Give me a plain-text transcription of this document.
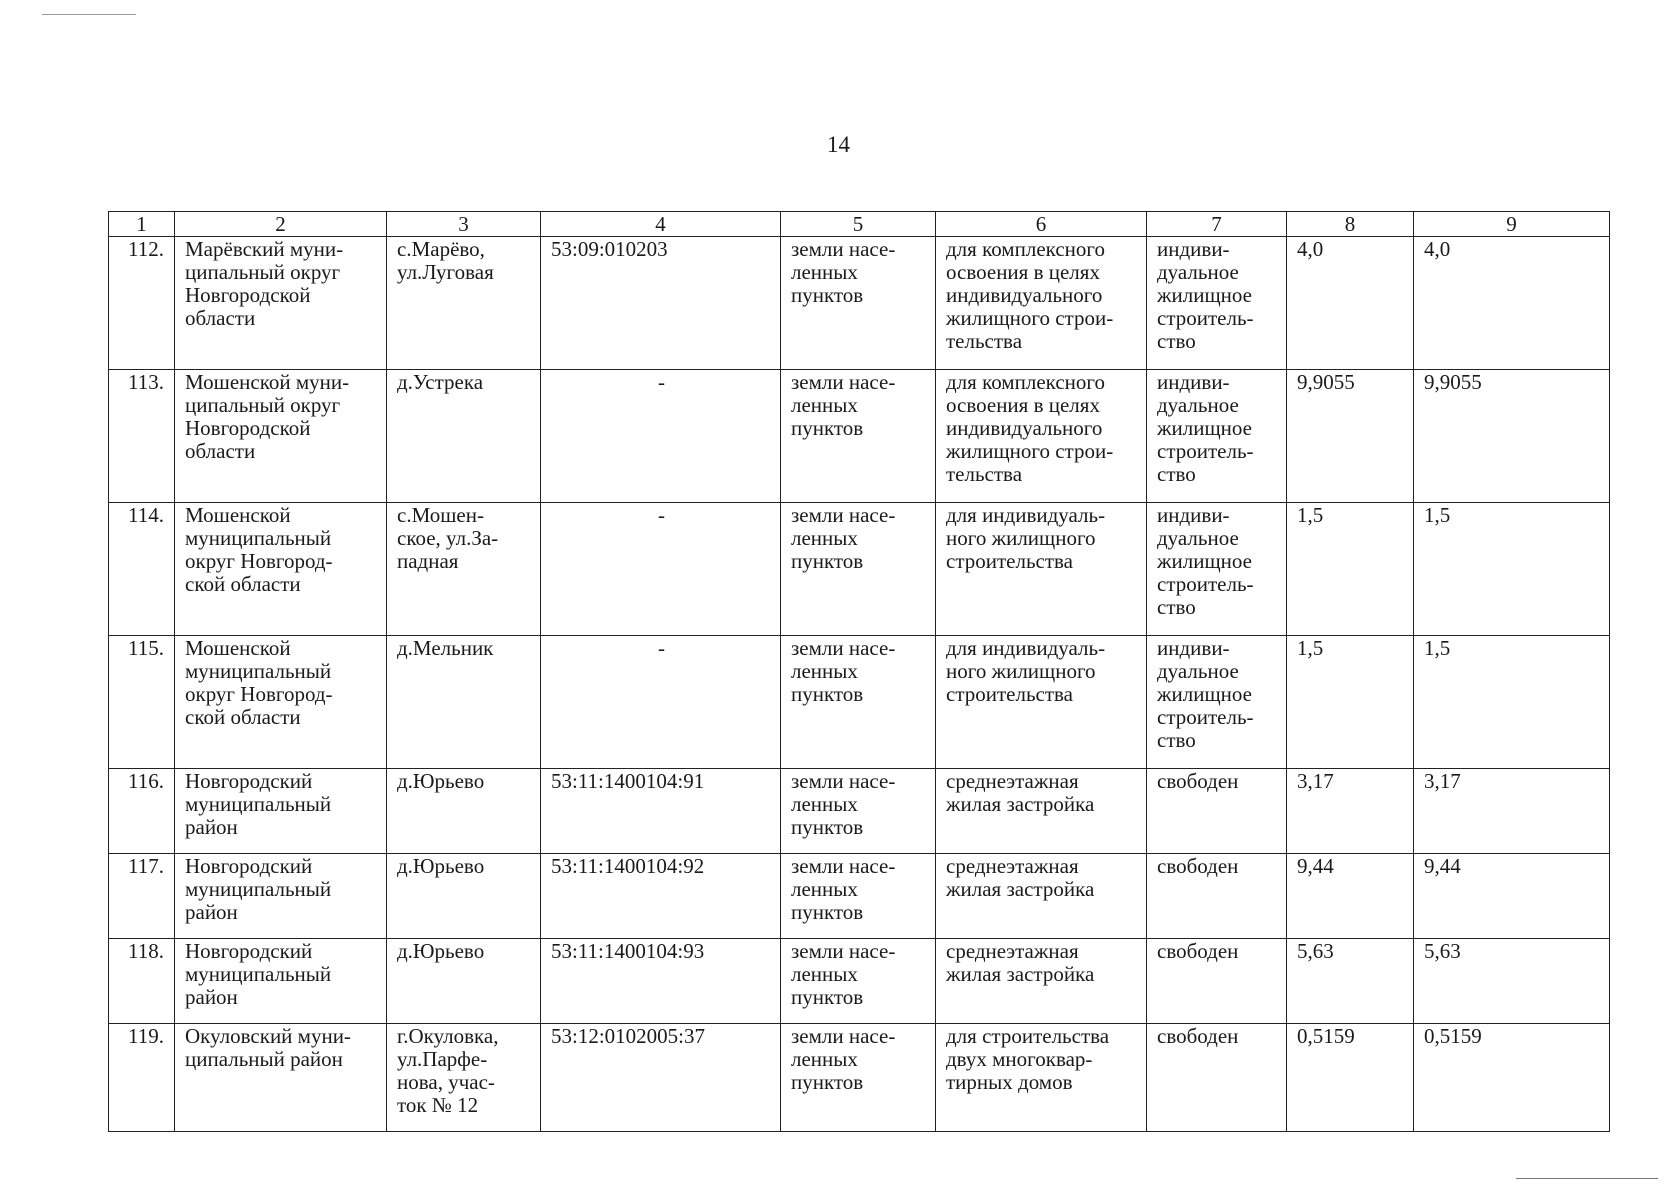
14
1	2	3	4	5	6	7	8	9
112.	Марёвский муни-
ципальный округ
Новгородской
области	с.Марёво,
ул.Луговая	53:09:010203	земли насе-
ленных
пунктов	для комплексного
освоения в целях
индивидуального
жилищного строи-
тельства	индиви-
дуальное
жилищное
строитель-
ство	4,0	4,0
113.	Мошенской муни-
ципальный округ
Новгородской
области	д.Устрека	-	земли насе-
ленных
пунктов	для комплексного
освоения в целях
индивидуального
жилищного строи-
тельства	индиви-
дуальное
жилищное
строитель-
ство	9,9055	9,9055
114.	Мошенской
муниципальный
округ Новгород-
ской области	с.Мошен-
ское, ул.За-
падная	-	земли насе-
ленных
пунктов	для индивидуаль-
ного жилищного
строительства	индиви-
дуальное
жилищное
строитель-
ство	1,5	1,5
115.	Мошенской
муниципальный
округ Новгород-
ской области	д.Мельник	-	земли насе-
ленных
пунктов	для индивидуаль-
ного жилищного
строительства	индиви-
дуальное
жилищное
строитель-
ство	1,5	1,5
116.	Новгородский
муниципальный
район	д.Юрьево	53:11:1400104:91	земли насе-
ленных
пунктов	среднеэтажная
жилая застройка	свободен	3,17	3,17
117.	Новгородский
муниципальный
район	д.Юрьево	53:11:1400104:92	земли насе-
ленных
пунктов	среднеэтажная
жилая застройка	свободен	9,44	9,44
118.	Новгородский
муниципальный
район	д.Юрьево	53:11:1400104:93	земли насе-
ленных
пунктов	среднеэтажная
жилая застройка	свободен	5,63	5,63
119.	Окуловский муни-
ципальный район	г.Окуловка,
ул.Парфе-
нова, учас-
ток № 12	53:12:0102005:37	земли насе-
ленных
пунктов	для строительства
двух многоквар-
тирных домов	свободен	0,5159	0,5159
